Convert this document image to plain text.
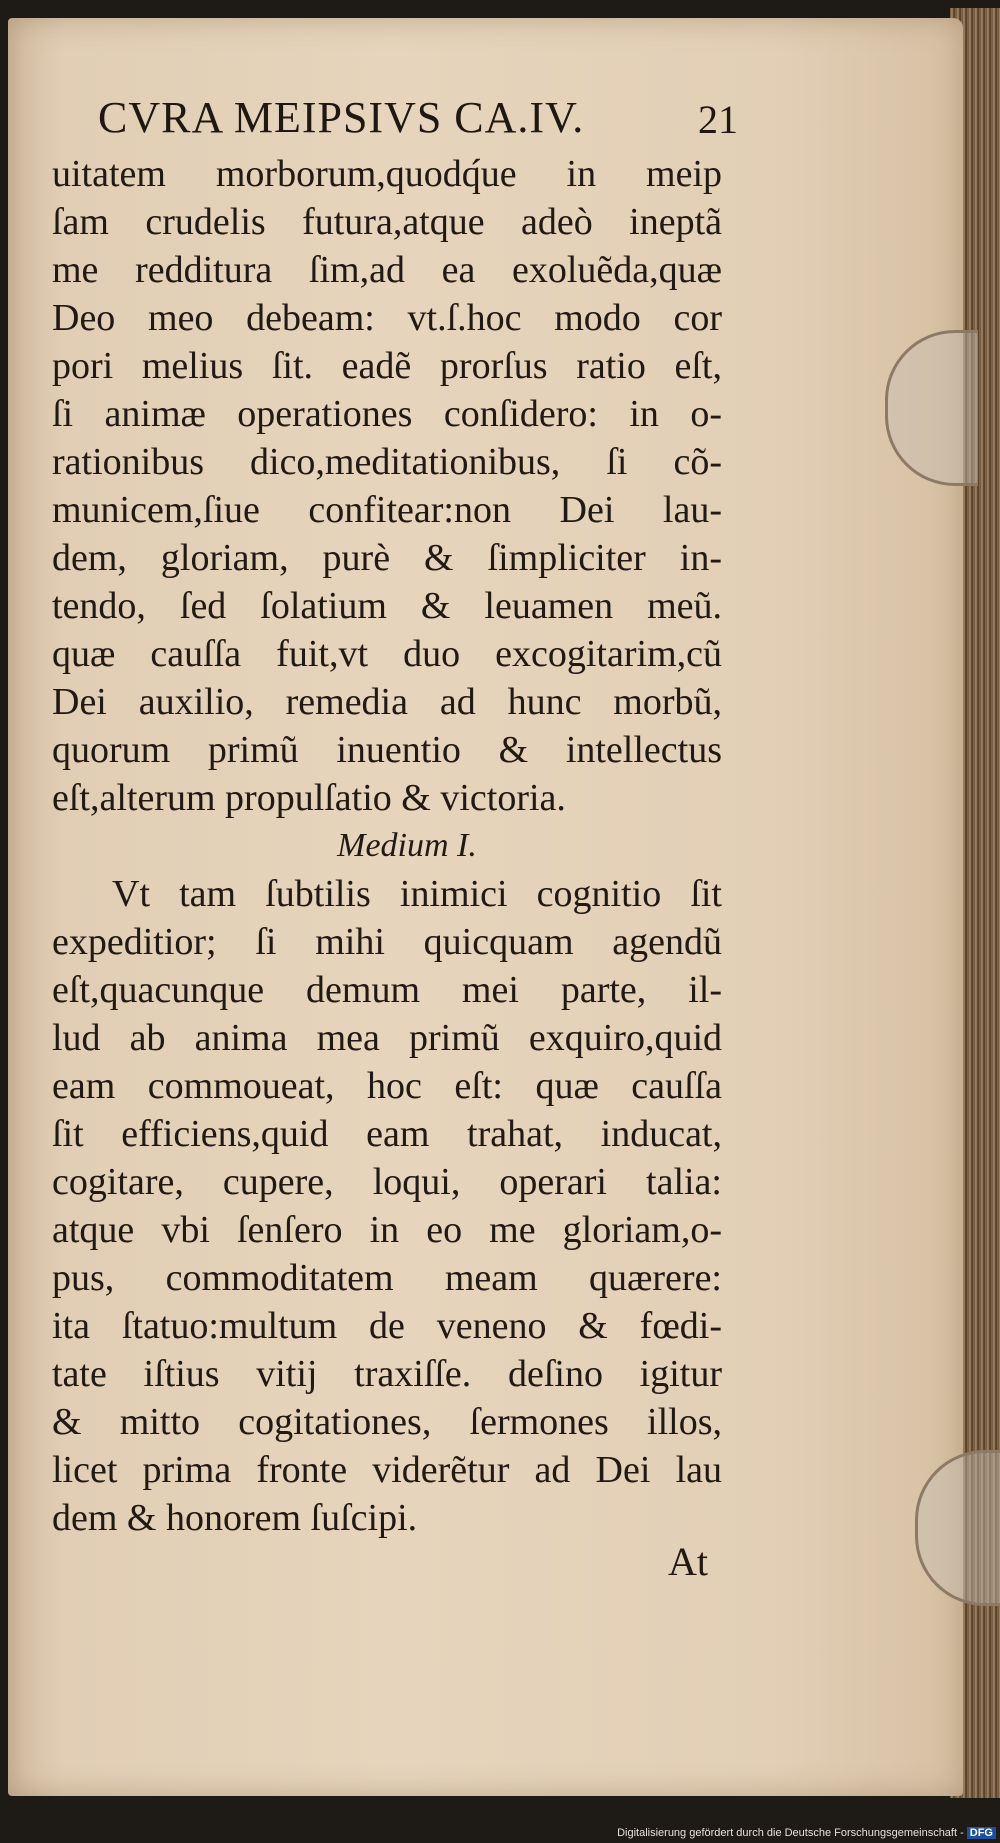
CVRA MEIPSIVS CA.IV.	21
uitatem morborum,quodq́ue in meip
ſam crudelis futura,atque adeò ineptã
me redditura ſim,ad ea exoluẽda,quæ
Deo meo debeam: vt.ſ.hoc modo cor
pori melius ſit. eadẽ prorſus ratio eſt,
ſi animæ operationes conſidero: in o-
rationibus dico,meditationibus, ſi cõ-
municem,ſiue confitear:non Dei lau-
dem, gloriam, purè & ſimpliciter in-
tendo, ſed ſolatium & leuamen meũ.
quæ cauſſa fuit,vt duo excogitarim,cũ
Dei auxilio, remedia ad hunc morbũ,
quorum primũ inuentio & intellectus
eſt,alterum propulſatio & victoria.
Medium I.
Vt tam ſubtilis inimici cognitio ſit
expeditior; ſi mihi quicquam agendũ
eſt,quacunque demum mei parte, il-
lud ab anima mea primũ exquiro,quid
eam commoueat, hoc eſt: quæ cauſſa
ſit efficiens,quid eam trahat, inducat,
cogitare, cupere, loqui, operari talia:
atque vbi ſenſero in eo me gloriam,o-
pus, commoditatem meam quærere:
ita ſtatuo:multum de veneno & fœdi-
tate iſtius vitij traxiſſe. deſino igitur
& mitto cogitationes, ſermones illos,
licet prima fronte viderẽtur ad Dei lau
dem & honorem ſuſcipi.
At
Digitalisierung gefördert durch die Deutsche Forschungsgemeinschaft - DFG
